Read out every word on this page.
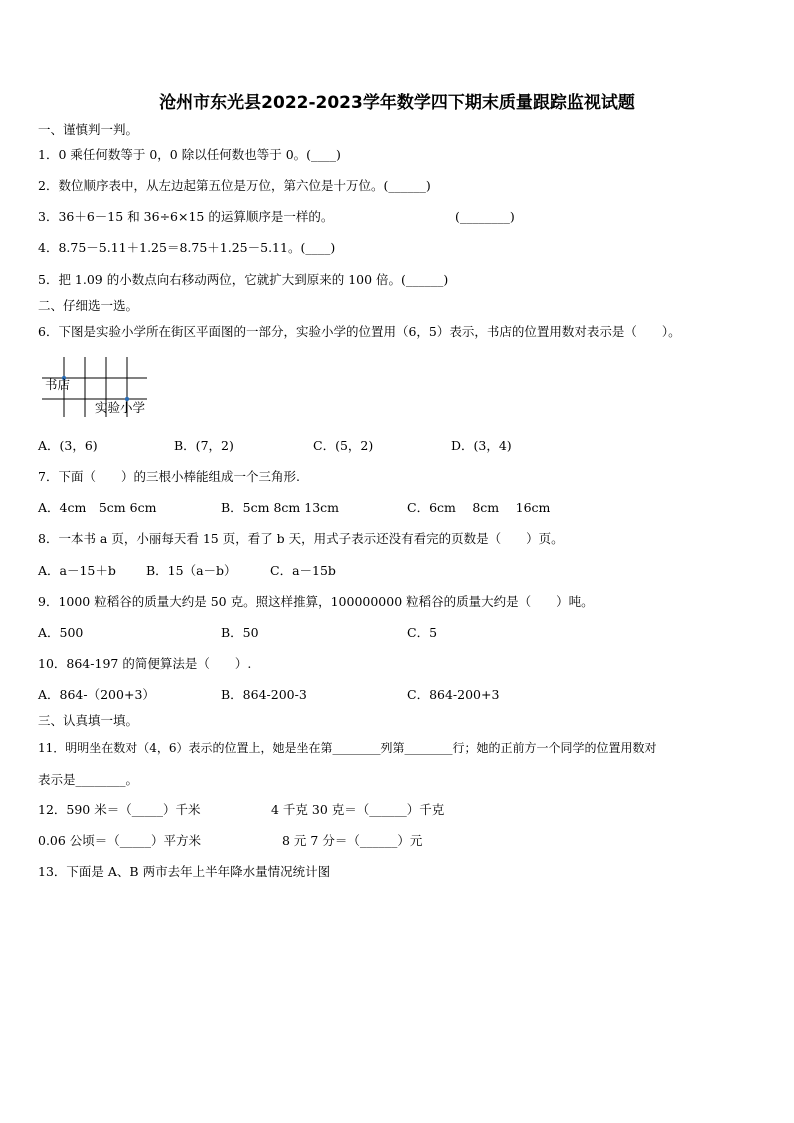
沧州市东光县2022-2023学年数学四下期末质量跟踪监视试题
一、谨慎判一判。
1．0 乘任何数等于 0，0 除以任何数也等于 0。(____)
2．数位顺序表中，从左边起第五位是万位，第六位是十万位。(______)
3．36＋6－15 和 36÷6×15 的运算顺序是一样的。	(________)
4．8.75－5.11＋1.25＝8.75＋1.25－5.11。(____)
5．把 1.09 的小数点向右移动两位，它就扩大到原来的 100 倍。(______)
二、仔细选一选。
6．下图是实验小学所在街区平面图的一部分，实验小学的位置用（6，5）表示，书店的位置用数对表示是（　　）。
书店
实验小学
A．(3，6)	B．(7，2)	C．(5，2)	D．(3，4)
7．下面（　　）的三根小棒能组成一个三角形.
A．4cm　5cm 6cm	B．5cm 8cm 13cm	C．6cm　 8cm　 16cm
8．一本书 a 页，小丽每天看 15 页，看了 b 天，用式子表示还没有看完的页数是（　　）页。
A．a－15＋b B．15（a－b）	C．a－15b
9．1000 粒稻谷的质量大约是 50 克。照这样推算，100000000 粒稻谷的质量大约是（　　）吨。
A．500	B．50	C．5
10．864-197 的简便算法是（　　）.
A．864-（200+3）	B．864-200-3	C．864-200+3
三、认真填一填。
11．明明坐在数对（4，6）表示的位置上，她是坐在第________列第________行；她的正前方一个同学的位置用数对
表示是________。
12．590 米＝（_____）千米	4 千克 30 克＝（______）千克
0.06 公顷＝（_____）平方米	8 元 7 分＝（______）元
13．下面是 A、B 两市去年上半年降水量情况统计图
